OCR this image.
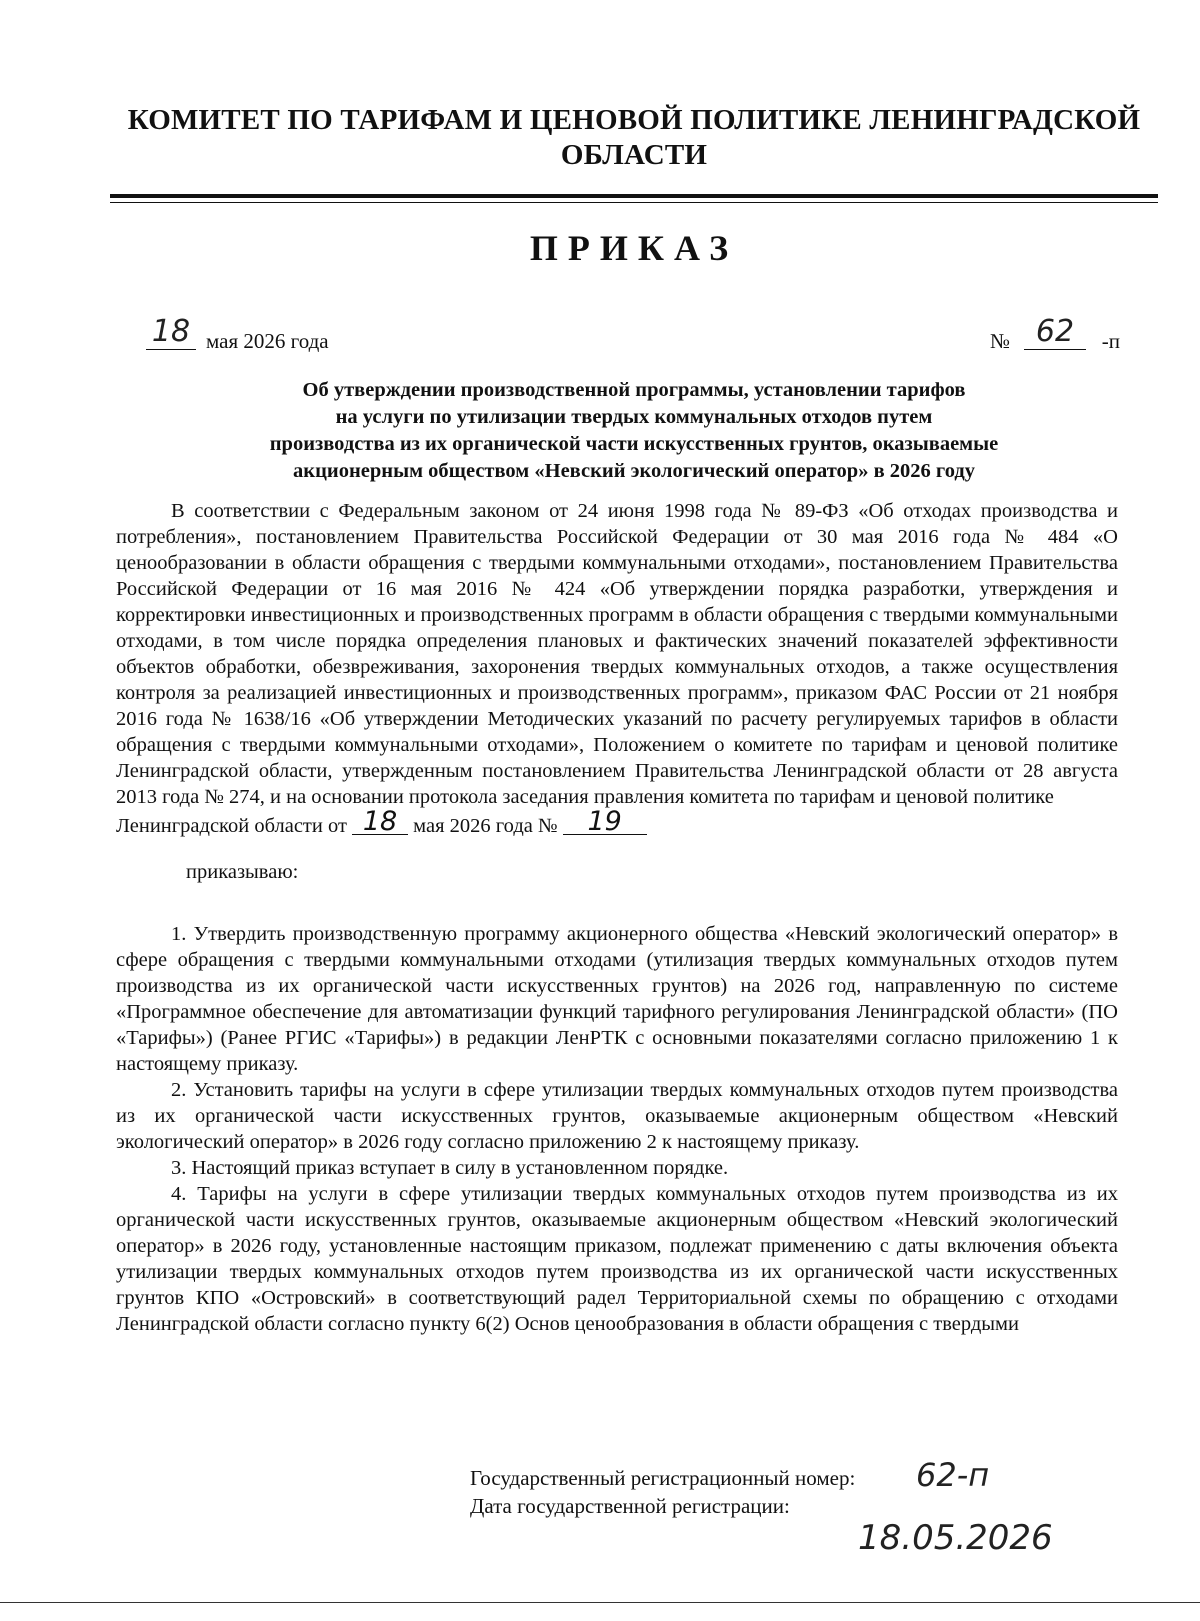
КОМИТЕТ ПО ТАРИФАМ И ЦЕНОВОЙ ПОЛИТИКЕ ЛЕНИНГРАДСКОЙ
ОБЛАСТИ
ПРИКАЗ
18 мая 2026 года	№ 62	-п
Об утверждении производственной программы, установлении тарифов
на услуги по утилизации твердых коммунальных отходов путем
производства из их органической части искусственных грунтов, оказываемые
акционерным обществом «Невский экологический оператор» в 2026 году

В соответствии с Федеральным законом от 24 июня 1998 года № 89-ФЗ «Об отходах производства и потребления», постановлением Правительства Российской Федерации от 30 мая 2016 года № 484 «О ценообразовании в области обращения с твердыми коммунальными отходами», постановлением Правительства Российской Федерации от 16 мая 2016 № 424 «Об утверждении порядка разработки, утверждения и корректировки инвестиционных и производственных программ в области обращения с твердыми коммунальными отходами, в том числе порядка определения плановых и фактических значений показателей эффективности объектов обработки, обезвреживания, захоронения твердых коммунальных отходов, а также осуществления контроля за реализацией инвестиционных и производственных программ», приказом ФАС России от 21 ноября 2016 года № 1638/16 «Об утверждении Методических указаний по расчету регулируемых тарифов в области обращения с твердыми коммунальными отходами», Положением о комитете по тарифам и ценовой политике Ленинградской области, утвержденным постановлением Правительства Ленинградской области от 28 августа 2013 года № 274, и на основании протокола заседания правления комитета по тарифам и ценовой политике

Ленинградской области от 18 мая 2026 года № 19

приказываю:

1. Утвердить производственную программу акционерного общества «Невский экологический оператор» в сфере обращения с твердыми коммунальными отходами (утилизация твердых коммунальных отходов путем производства из их органической части искусственных грунтов) на 2026 год, направленную по системе «Программное обеспечение для автоматизации функций тарифного регулирования Ленинградской области» (ПО «Тарифы») (Ранее РГИС «Тарифы») в редакции ЛенРТК с основными показателями согласно приложению 1 к настоящему приказу.

2. Установить тарифы на услуги в сфере утилизации твердых коммунальных отходов путем производства из их органической части искусственных грунтов, оказываемые акционерным обществом «Невский экологический оператор» в 2026 году согласно приложению 2 к настоящему приказу.

3. Настоящий приказ вступает в силу в установленном порядке.

4. Тарифы на услуги в сфере утилизации твердых коммунальных отходов путем производства из их органической части искусственных грунтов, оказываемые акционерным обществом «Невский экологический оператор» в 2026 году, установленные настоящим приказом, подлежат применению с даты включения объекта утилизации твердых коммунальных отходов путем производства из их органической части искусственных грунтов КПО «Островский» в соответствующий радел Территориальной схемы по обращению с отходами Ленинградской области согласно пункту 6(2) Основ ценообразования в области обращения с твердыми

Государственный регистрационный номер: 62-п
Дата государственной регистрации:
18.05.2026
